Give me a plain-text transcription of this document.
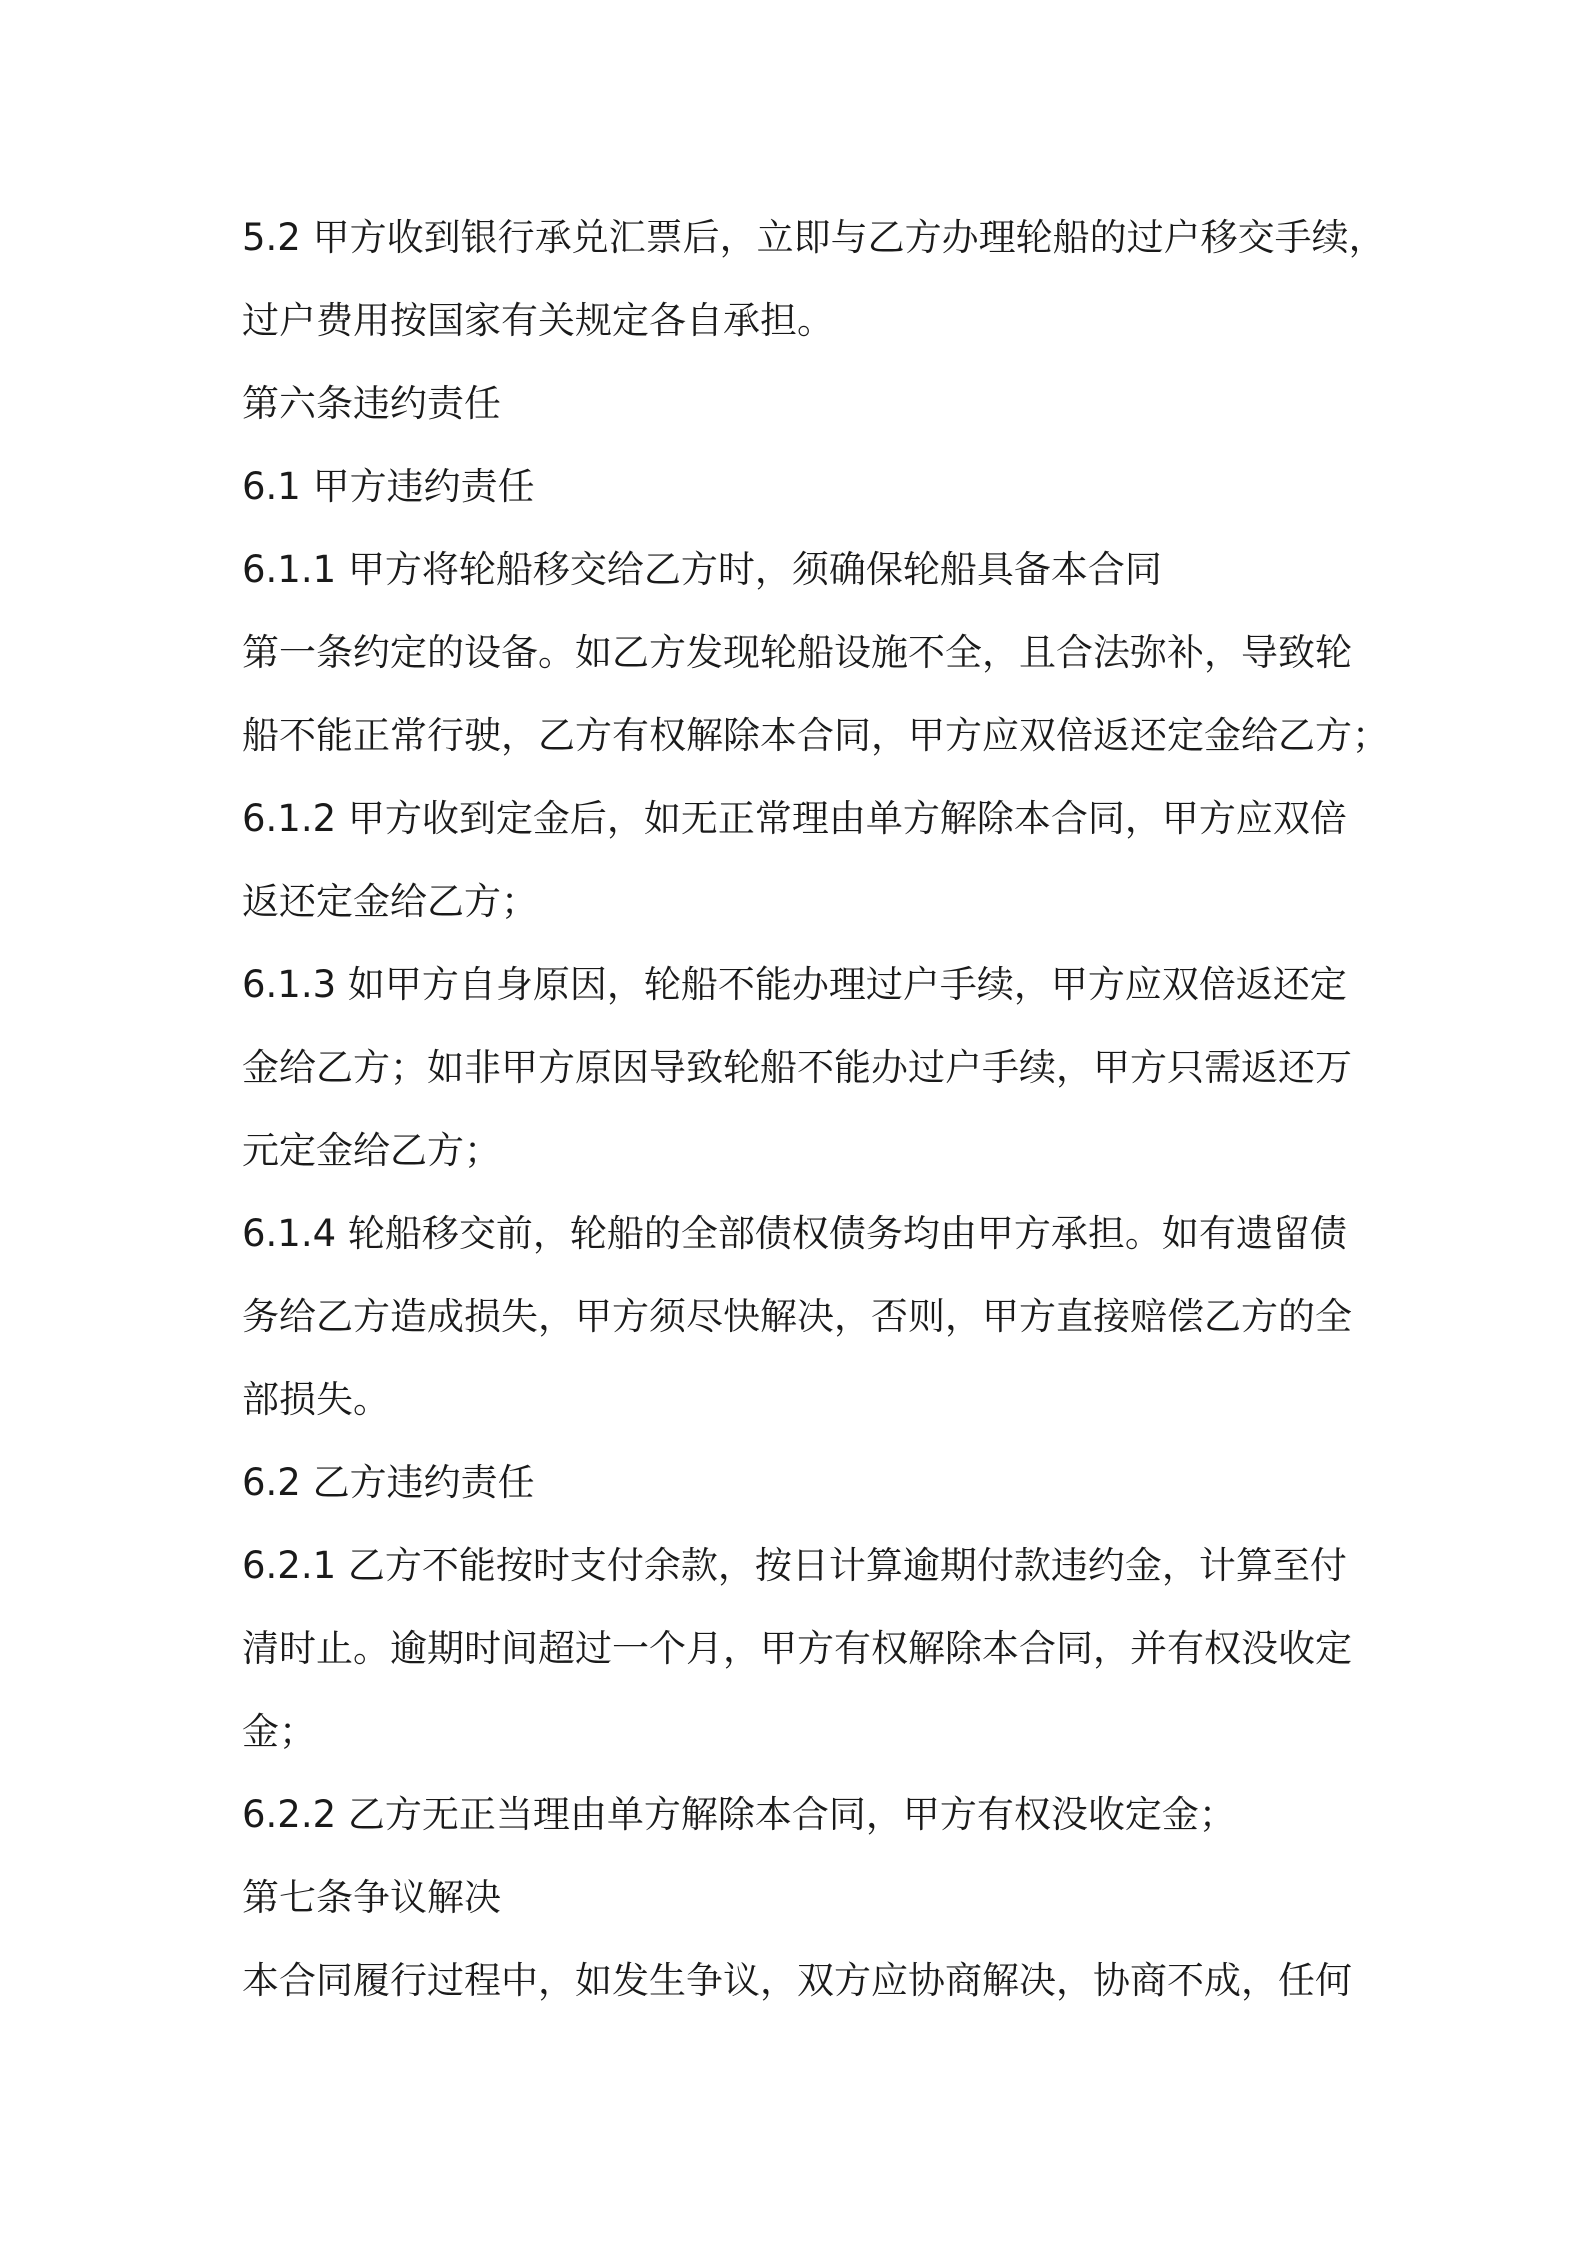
5.2 甲方收到银行承兑汇票后，立即与乙方办理轮船的过户移交手续，
过户费用按国家有关规定各自承担。
第六条违约责任
6.1 甲方违约责任
6.1.1 甲方将轮船移交给乙方时，须确保轮船具备本合同
第一条约定的设备。如乙方发现轮船设施不全，且合法弥补，导致轮
船不能正常行驶，乙方有权解除本合同，甲方应双倍返还定金给乙方；
6.1.2 甲方收到定金后，如无正常理由单方解除本合同，甲方应双倍
返还定金给乙方；
6.1.3 如甲方自身原因，轮船不能办理过户手续，甲方应双倍返还定
金给乙方；如非甲方原因导致轮船不能办过户手续，甲方只需返还万
元定金给乙方；
6.1.4 轮船移交前，轮船的全部债权债务均由甲方承担。如有遗留债
务给乙方造成损失，甲方须尽快解决，否则，甲方直接赔偿乙方的全
部损失。
6.2 乙方违约责任
6.2.1 乙方不能按时支付余款，按日计算逾期付款违约金，计算至付
清时止。逾期时间超过一个月，甲方有权解除本合同，并有权没收定
金；
6.2.2 乙方无正当理由单方解除本合同，甲方有权没收定金；
第七条争议解决
本合同履行过程中，如发生争议，双方应协商解决，协商不成，任何
